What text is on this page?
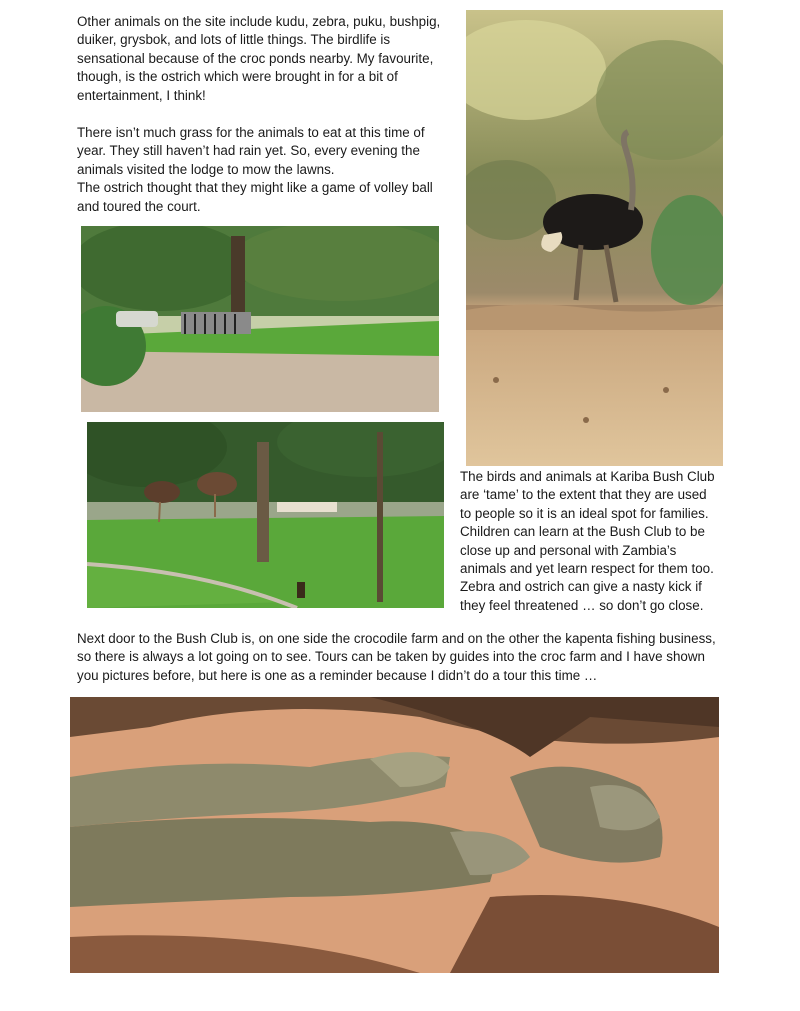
Other animals on the site include kudu, zebra, puku, bushpig,
duiker, grysbok, and lots of little things. The birdlife is
sensational because of the croc ponds nearby. My favourite,
though, is the ostrich which were brought in for a bit of
entertainment, I think!
There isn’t much grass for the animals to eat at this time of
year. They still haven’t had rain yet. So, every evening the
animals visited the lodge to mow the lawns.
The ostrich thought that they might like a game of volley ball
and toured the court.
The birds and animals at Kariba Bush Club
are ‘tame’ to the extent that they are used
to people so it is an ideal spot for families.
Children can learn at the Bush Club to be
close up and personal with Zambia’s
animals and yet learn respect for them too.
Zebra and ostrich can give a nasty kick if
they feel threatened … so don’t go close.
Next door to the Bush Club is, on one side the crocodile farm and on the other the kapenta fishing business,
so there is always a lot going on to see. Tours can be taken by guides into the croc farm and I have shown
you pictures before, but here is one as a reminder because I didn’t do a tour this time …
